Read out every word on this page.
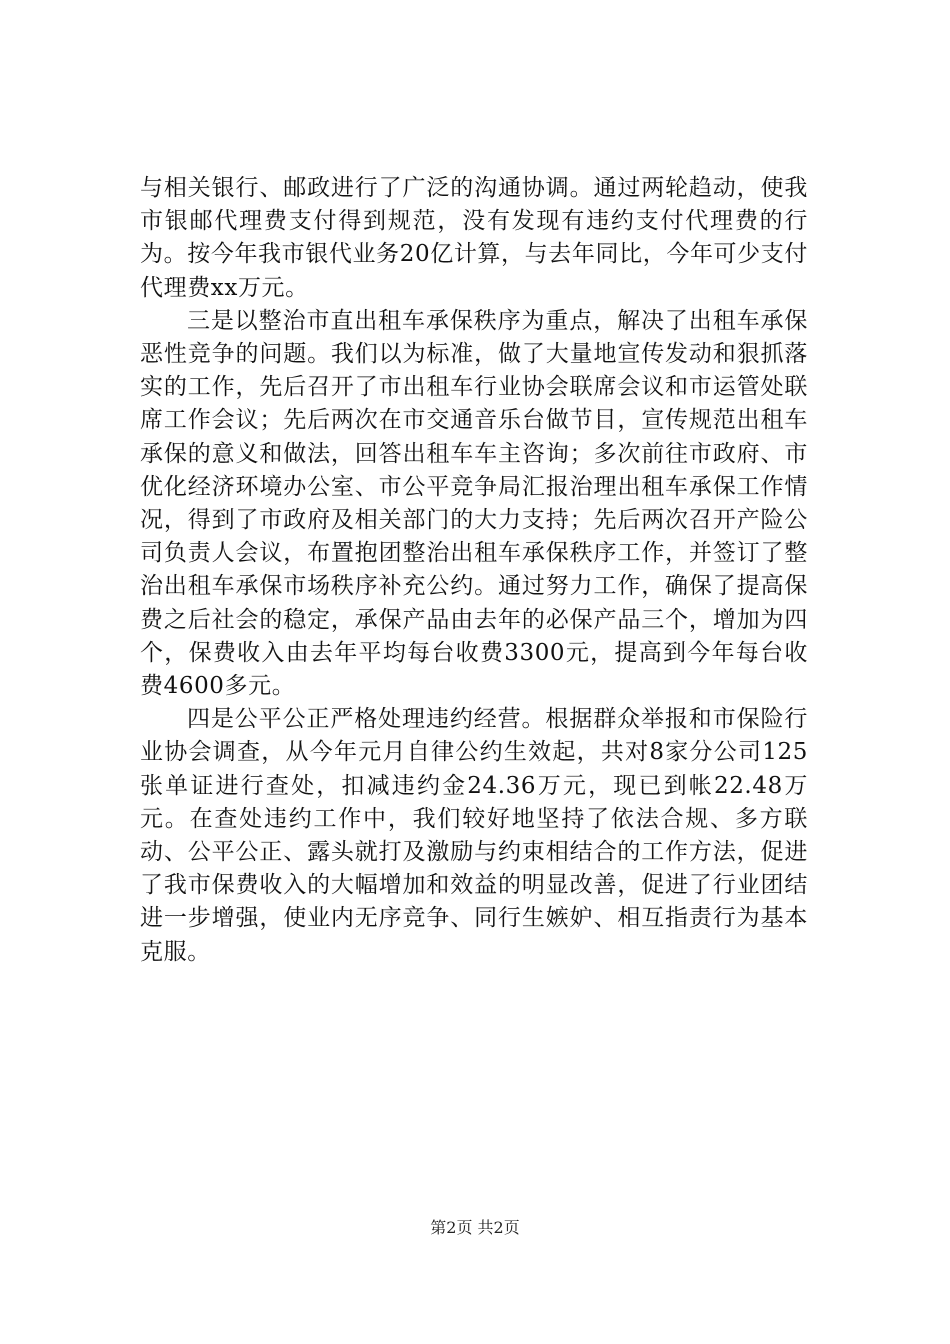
与相关银行、邮政进行了广泛的沟通协调。通过两轮趋动，使我市银邮代理费支付得到规范，没有发现有违约支付代理费的行为。按今年我市银代业务20亿计算，与去年同比，今年可少支付代理费xx万元。

三是以整治市直出租车承保秩序为重点，解决了出租车承保恶性竞争的问题。我们以为标准，做了大量地宣传发动和狠抓落实的工作，先后召开了市出租车行业协会联席会议和市运管处联席工作会议；先后两次在市交通音乐台做节目，宣传规范出租车承保的意义和做法，回答出租车车主咨询；多次前往市政府、市优化经济环境办公室、市公平竞争局汇报治理出租车承保工作情况，得到了市政府及相关部门的大力支持；先后两次召开产险公司负责人会议，布置抱团整治出租车承保秩序工作，并签订了整治出租车承保市场秩序补充公约。通过努力工作，确保了提高保费之后社会的稳定，承保产品由去年的必保产品三个，增加为四个，保费收入由去年平均每台收费3300元，提高到今年每台收费4600多元。

四是公平公正严格处理违约经营。根据群众举报和市保险行业协会调查，从今年元月自律公约生效起，共对8家分公司125张单证进行查处，扣减违约金24.36万元，现已到帐22.48万元。在查处违约工作中，我们较好地坚持了依法合规、多方联动、公平公正、露头就打及激励与约束相结合的工作方法，促进了我市保费收入的大幅增加和效益的明显改善，促进了行业团结进一步增强，使业内无序竞争、同行生嫉妒、相互指责行为基本克服。

第2页 共2页
